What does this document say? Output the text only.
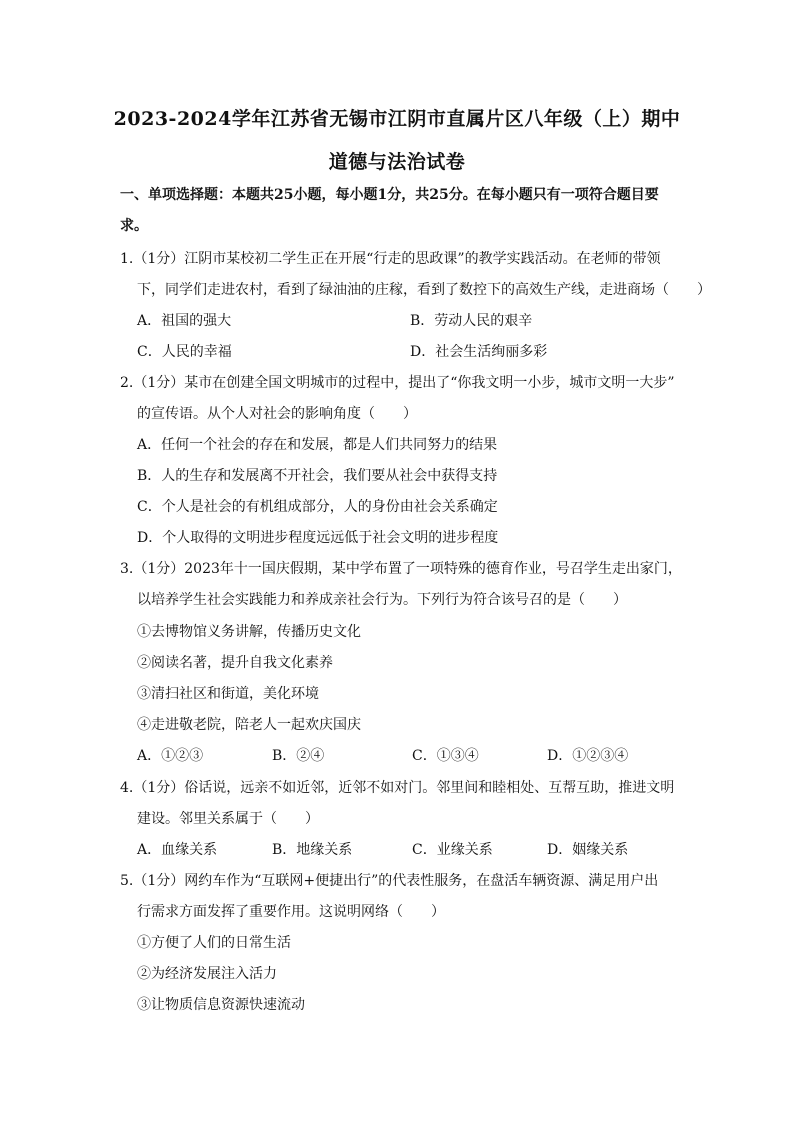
2023-2024学年江苏省无锡市江阴市直属片区八年级（上）期中
道德与法治试卷
一、单项选择题：本题共25小题，每小题1分，共25分。在每小题只有一项符合题目要求。
1.（1分）江阴市某校初二学生正在开展“行走的思政课”的教学实践活动。在老师的带领
下，同学们走进农村，看到了绿油油的庄稼，看到了数控下的高效生产线，走进商场（　　）
A．祖国的强大	B．劳动人民的艰辛
C．人民的幸福	D．社会生活绚丽多彩
2.（1分）某市在创建全国文明城市的过程中，提出了“你我文明一小步，城市文明一大步”
的宣传语。从个人对社会的影响角度（　　）
A．任何一个社会的存在和发展，都是人们共同努力的结果
B．人的生存和发展离不开社会，我们要从社会中获得支持
C．个人是社会的有机组成部分，人的身份由社会关系确定
D．个人取得的文明进步程度远远低于社会文明的进步程度
3.（1分）2023年十一国庆假期，某中学布置了一项特殊的德育作业，号召学生走出家门，
以培养学生社会实践能力和养成亲社会行为。下列行为符合该号召的是（　　）
①去博物馆义务讲解，传播历史文化
②阅读名著，提升自我文化素养
③清扫社区和街道，美化环境
④走进敬老院，陪老人一起欢庆国庆
A．①②③	B．②④	C．①③④	D．①②③④
4.（1分）俗话说，远亲不如近邻，近邻不如对门。邻里间和睦相处、互帮互助，推进文明
建设。邻里关系属于（　　）
A．血缘关系	B．地缘关系	C．业缘关系	D．姻缘关系
5.（1分）网约车作为“互联网+便捷出行”的代表性服务，在盘活车辆资源、满足用户出
行需求方面发挥了重要作用。这说明网络（　　）
①方便了人们的日常生活
②为经济发展注入活力
③让物质信息资源快速流动
